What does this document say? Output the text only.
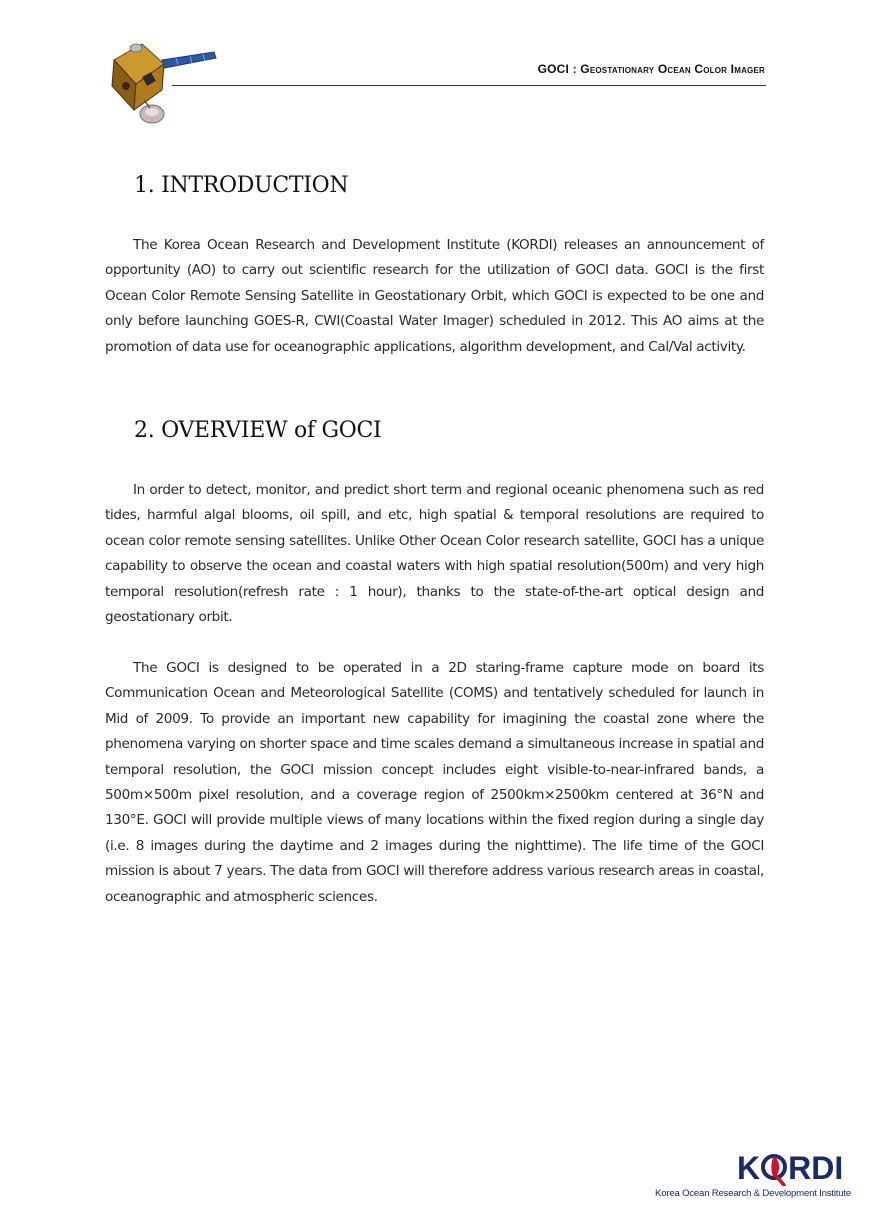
GOCI : Geostationary Ocean Color Imager
1. INTRODUCTION

The Korea Ocean Research and Development Institute (KORDI) releases an announcement of opportunity (AO) to carry out scientific research for the utilization of GOCI data. GOCI is the first Ocean Color Remote Sensing Satellite in Geostationary Orbit, which GOCI is expected to be one and only before launching GOES-R, CWI(Coastal Water Imager) scheduled in 2012. This AO aims at the promotion of data use for oceanographic applications, algorithm development, and Cal/Val activity.

2. OVERVIEW of GOCI

In order to detect, monitor, and predict short term and regional oceanic phenomena such as red tides, harmful algal blooms, oil spill, and etc, high spatial & temporal resolutions are required to ocean color remote sensing satellites. Unlike Other Ocean Color research satellite, GOCI has a unique capability to observe the ocean and coastal waters with high spatial resolution(500m) and very high temporal resolution(refresh rate : 1 hour), thanks to the state-of-the-art optical design and geostationary orbit.

The GOCI is designed to be operated in a 2D staring-frame capture mode on board its Communication Ocean and Meteorological Satellite (COMS) and tentatively scheduled for launch in Mid of 2009. To provide an important new capability for imagining the coastal zone where the phenomena varying on shorter space and time scales demand a simultaneous increase in spatial and temporal resolution, the GOCI mission concept includes eight visible-to-near-infrared bands, a 500m×500m pixel resolution, and a coverage region of 2500km×2500km centered at 36°N and 130°E. GOCI will provide multiple views of many locations within the fixed region during a single day (i.e. 8 images during the daytime and 2 images during the nighttime). The life time of the GOCI mission is about 7 years. The data from GOCI will therefore address various research areas in coastal, oceanographic and atmospheric sciences.

K RDI
Korea Ocean Research & Development Institute
